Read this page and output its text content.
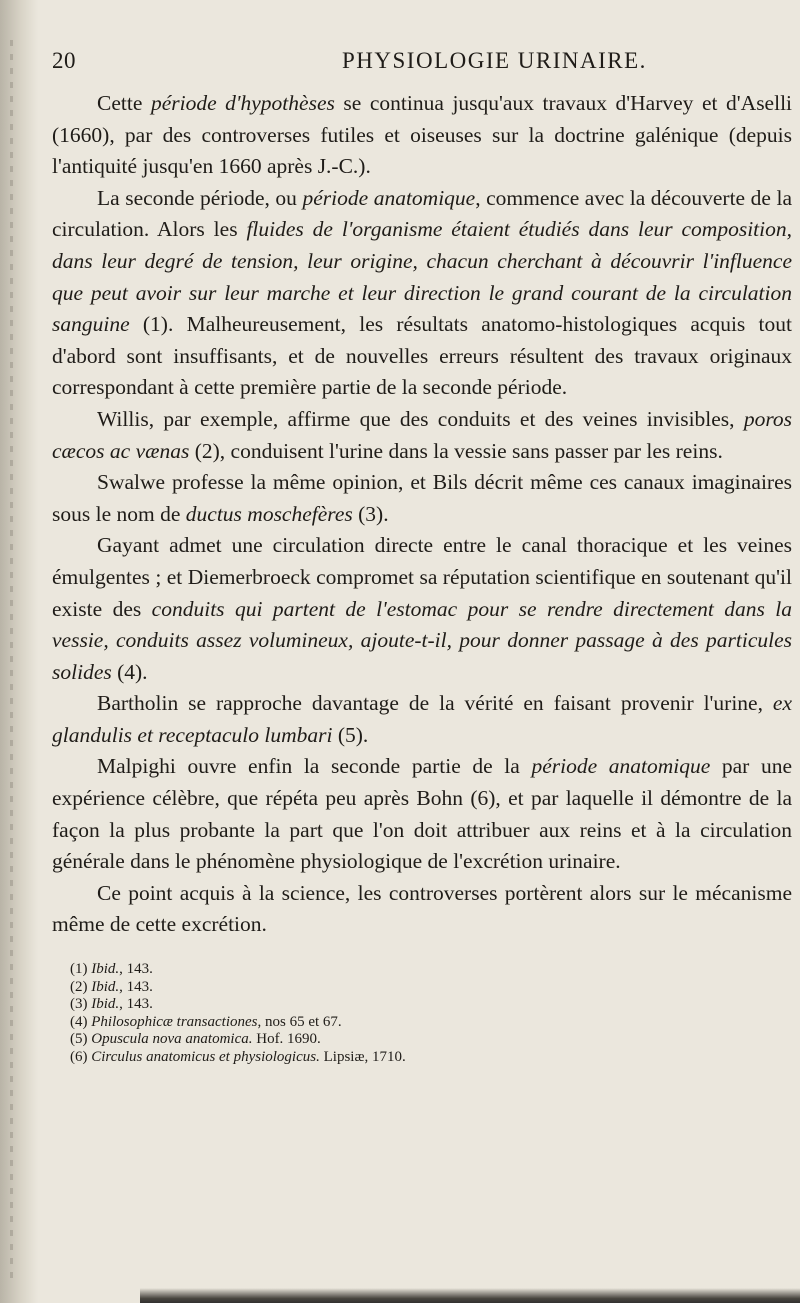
20	PHYSIOLOGIE URINAIRE.

Cette période d'hypothèses se continua jusqu'aux travaux d'Harvey et d'Aselli (1660), par des controverses futiles et oiseuses sur la doctrine galénique (depuis l'antiquité jusqu'en 1660 après J.-C.).

La seconde période, ou période anatomique, commence avec la découverte de la circulation. Alors les fluides de l'organisme étaient étudiés dans leur composition, dans leur degré de tension, leur origine, chacun cherchant à découvrir l'influence que peut avoir sur leur marche et leur direction le grand courant de la circulation sanguine (1). Malheureusement, les résultats anatomo-histologiques acquis tout d'abord sont insuffisants, et de nouvelles erreurs résultent des travaux originaux correspondant à cette première partie de la seconde période.

Willis, par exemple, affirme que des conduits et des veines invisibles, poros cæcos ac vænas (2), conduisent l'urine dans la vessie sans passer par les reins.

Swalwe professe la même opinion, et Bils décrit même ces canaux imaginaires sous le nom de ductus moschefères (3).

Gayant admet une circulation directe entre le canal thoracique et les veines émulgentes ; et Diemerbroeck compromet sa réputation scientifique en soutenant qu'il existe des conduits qui partent de l'estomac pour se rendre directement dans la vessie, conduits assez volumineux, ajoute-t-il, pour donner passage à des particules solides (4).

Bartholin se rapproche davantage de la vérité en faisant provenir l'urine, ex glandulis et receptaculo lumbari (5).

Malpighi ouvre enfin la seconde partie de la période anatomique par une expérience célèbre, que répéta peu après Bohn (6), et par laquelle il démontre de la façon la plus probante la part que l'on doit attribuer aux reins et à la circulation générale dans le phénomène physiologique de l'excrétion urinaire.

Ce point acquis à la science, les controverses portèrent alors sur le mécanisme même de cette excrétion.

(1) Ibid., 143.

(2) Ibid., 143.

(3) Ibid., 143.

(4) Philosophicæ transactiones, nos 65 et 67.

(5) Opuscula nova anatomica. Hof. 1690.

(6) Circulus anatomicus et physiologicus. Lipsiæ, 1710.
